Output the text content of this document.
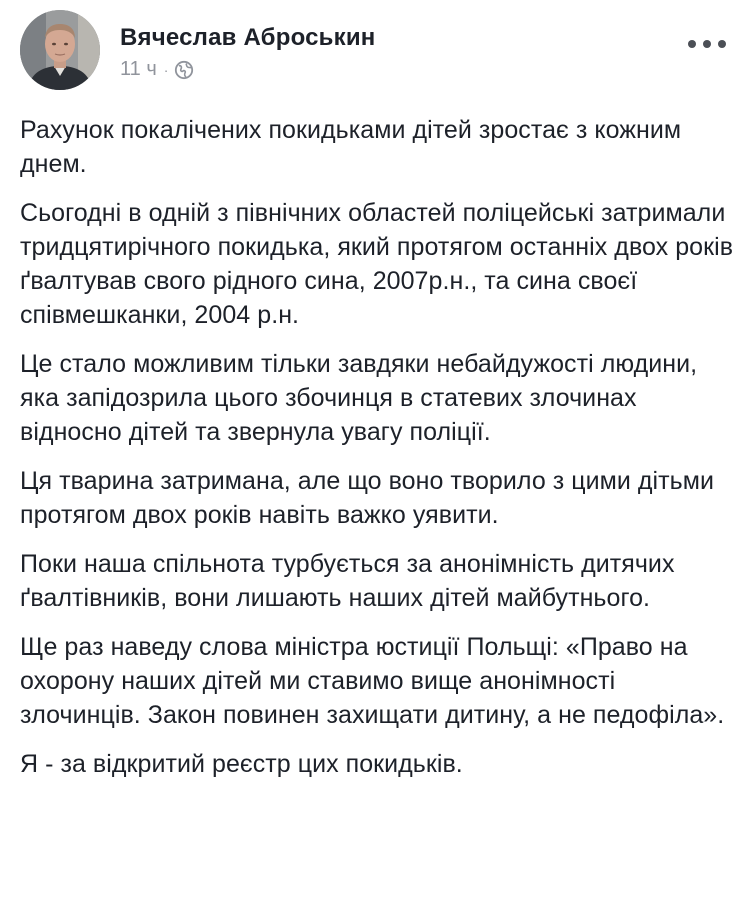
Вячеслав Аброськин
11 ч ·

Рахунок покалічених покидьками дітей зростає з кожним днем.

Сьогодні в одній з північних областей поліцейські затримали тридцятирічного покидька, який протягом останніх двох років ґвалтував свого рідного сина, 2007р.н., та сина своєї співмешканки, 2004 р.н.

Це стало можливим тільки завдяки небайдужості людини, яка запідозрила цього збочинця в статевих злочинах відносно дітей та звернула увагу поліції.

Ця тварина затримана, але що воно творило з цими дітьми протягом двох років навіть важко уявити.

Поки наша спільнота турбується за анонімність дитячих ґвалтівників, вони лишають наших дітей майбутнього.

Ще раз наведу слова міністра юстиції Польщі: «Право на охорону наших дітей ми ставимо вище анонімності злочинців. Закон повинен захищати дитину, а не педофіла».

Я - за відкритий реєстр цих покидьків.
